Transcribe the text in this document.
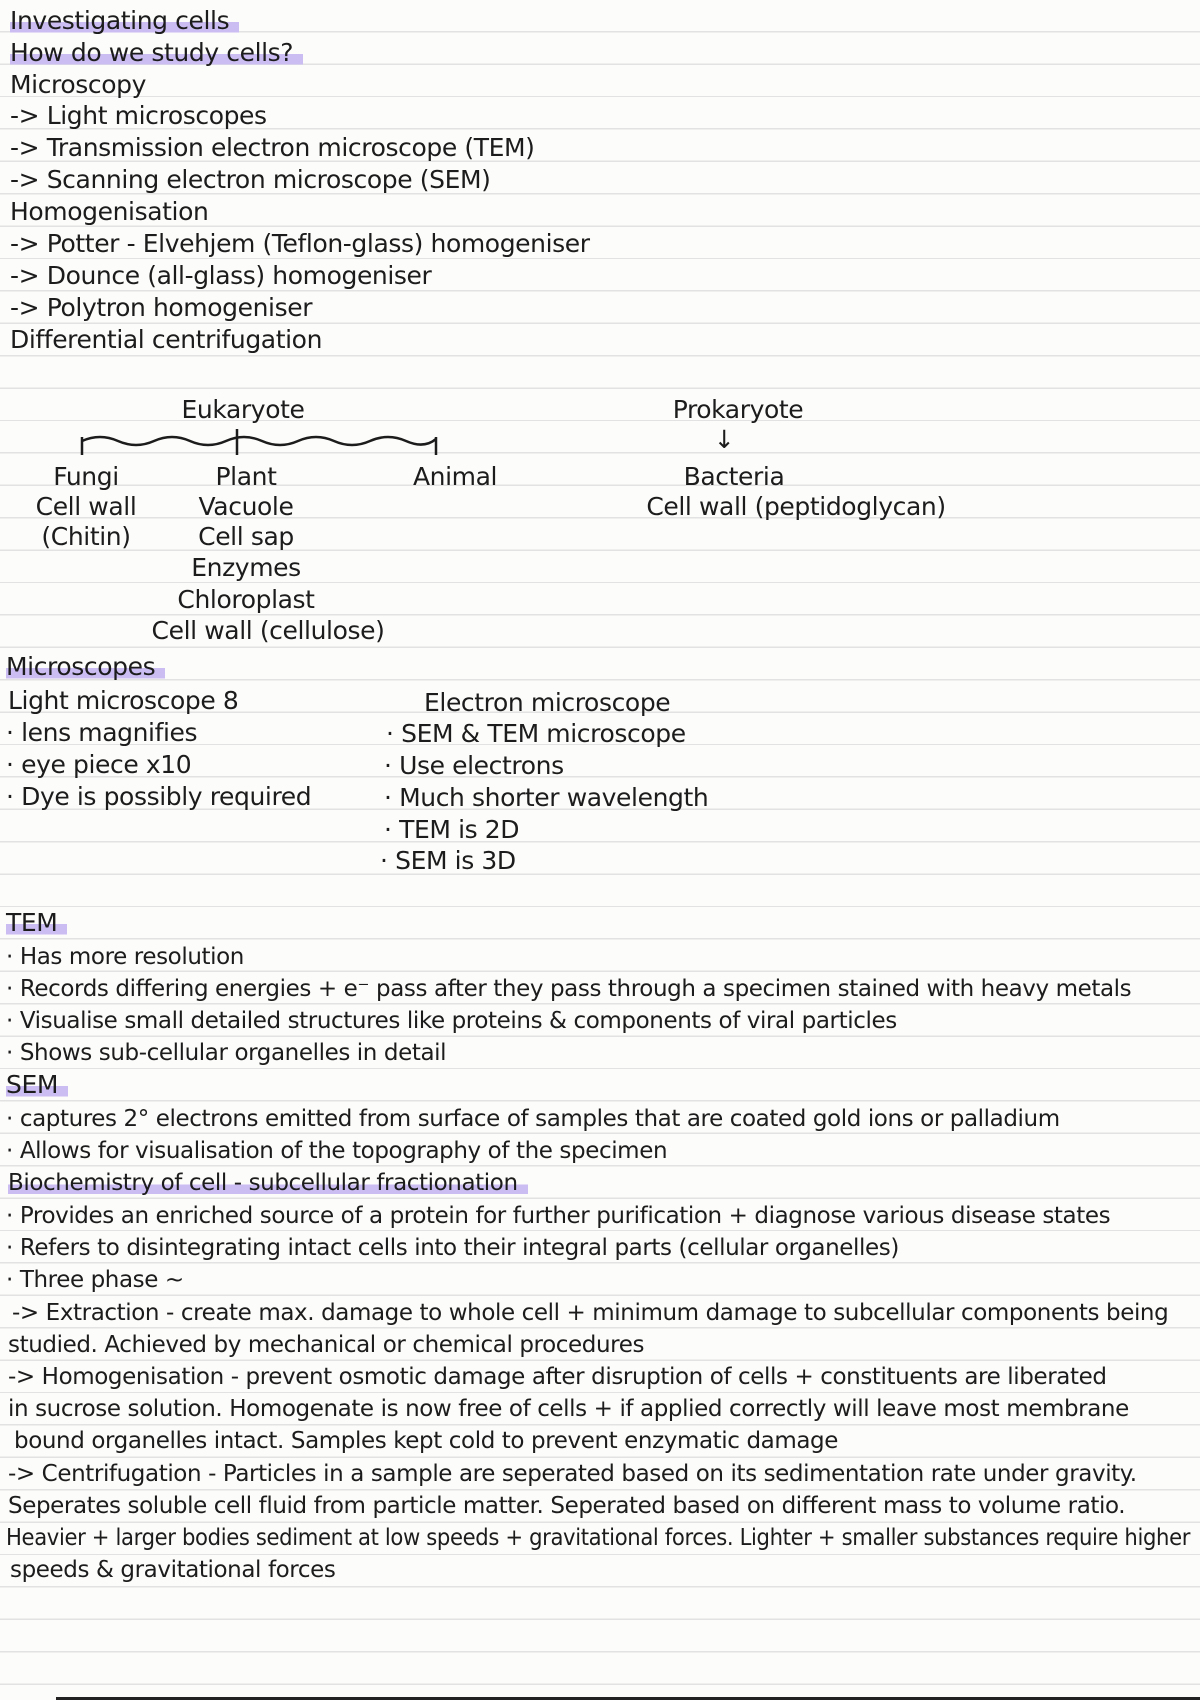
Investigating cells
How do we study cells?
Microscopy
-> Light microscopes
-> Transmission electron microscope (TEM)
-> Scanning electron microscope (SEM)
Homogenisation
-> Potter - Elvehjem (Teflon-glass) homogeniser
-> Dounce (all-glass) homogeniser
-> Polytron homogeniser
Differential centrifugation
Eukaryote
Fungi
Cell wall
(Chitin)
Plant
Vacuole
Cell sap
Enzymes
Chloroplast
Cell wall (cellulose)
Animal
Prokaryote
↓
Bacteria
Cell wall (peptidoglycan)
Microscopes
Light microscope 8
· lens magnifies
· eye piece x10
· Dye is possibly required
Electron microscope
· SEM & TEM microscope
· Use electrons
· Much shorter wavelength
· TEM is 2D
· SEM is 3D
TEM
· Has more resolution
· Records differing energies + e⁻ pass after they pass through a specimen stained with heavy metals
· Visualise small detailed structures like proteins & components of viral particles
· Shows sub-cellular organelles in detail
SEM
· captures 2° electrons emitted from surface of samples that are coated gold ions or palladium
· Allows for visualisation of the topography of the specimen
Biochemistry of cell - subcellular fractionation
· Provides an enriched source of a protein for further purification + diagnose various disease states
· Refers to disintegrating intact cells into their integral parts (cellular organelles)
· Three phase ~
-> Extraction - create max. damage to whole cell + minimum damage to subcellular components being
studied. Achieved by mechanical or chemical procedures
-> Homogenisation - prevent osmotic damage after disruption of cells + constituents are liberated
in sucrose solution. Homogenate is now free of cells + if applied correctly will leave most membrane
bound organelles intact. Samples kept cold to prevent enzymatic damage
-> Centrifugation - Particles in a sample are seperated based on its sedimentation rate under gravity.
Seperates soluble cell fluid from particle matter. Seperated based on different mass to volume ratio.
Heavier + larger bodies sediment at low speeds + gravitational forces. Lighter + smaller substances require higher
speeds & gravitational forces
